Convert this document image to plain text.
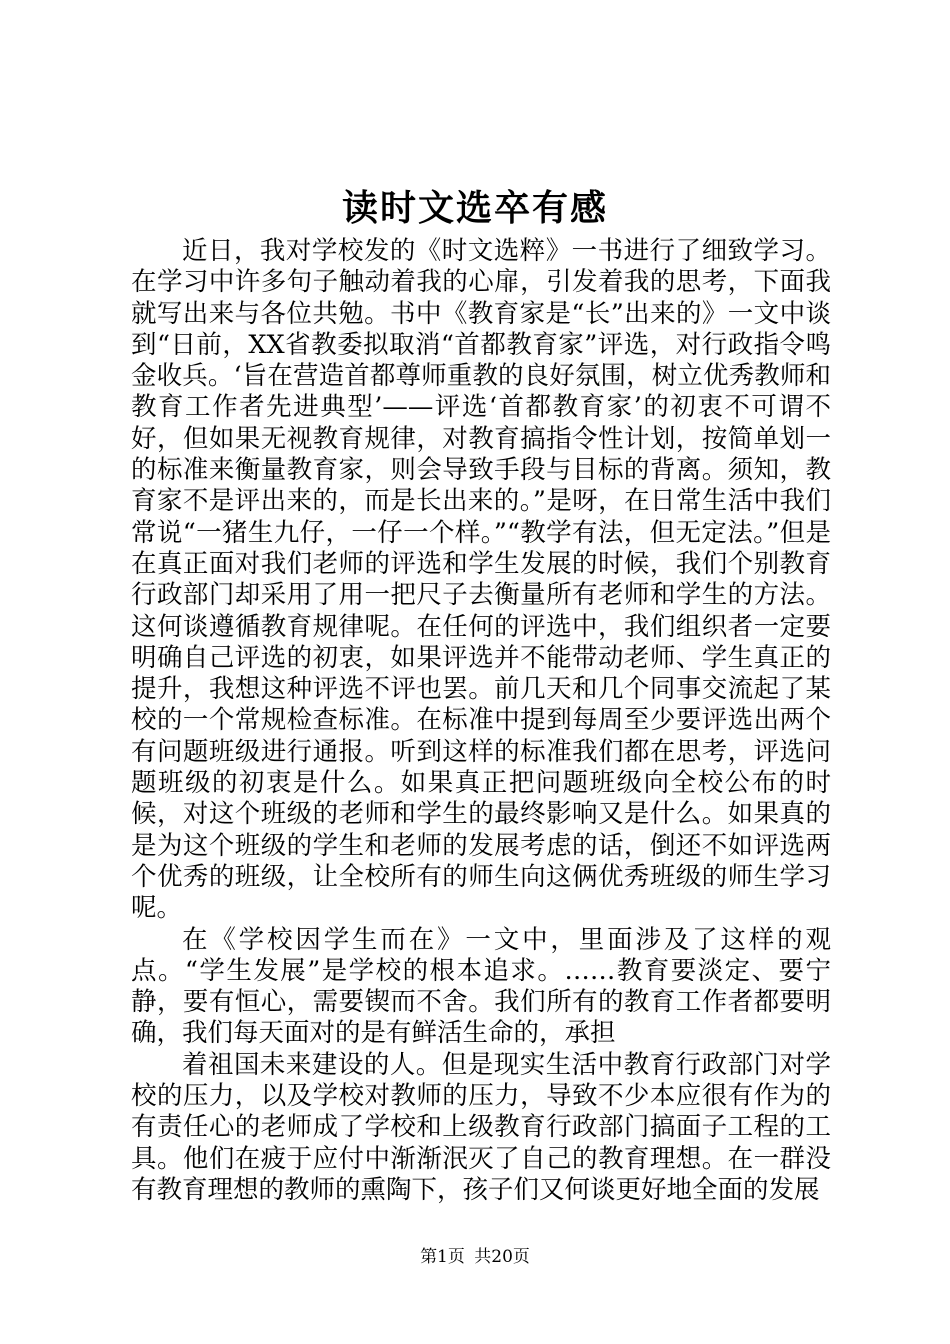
读时文选卒有感

近日，我对学校发的《时文选粹》一书进行了细致学习。在学习中许多句子触动着我的心扉，引发着我的思考，下面我就写出来与各位共勉。书中《教育家是“长”出来的》一文中谈到“日前，XX省教委拟取消“首都教育家”评选，对行政指令鸣金收兵。‘旨在营造首都尊师重教的良好氛围，树立优秀教师和教育工作者先进典型’——评选‘首都教育家’的初衷不可谓不好，但如果无视教育规律，对教育搞指令性计划，按简单划一的标准来衡量教育家，则会导致手段与目标的背离。须知，教育家不是评出来的，而是长出来的。”是呀，在日常生活中我们常说“一猪生九仔，一仔一个样。”“教学有法，但无定法。”但是在真正面对我们老师的评选和学生发展的时候，我们个别教育行政部门却采用了用一把尺子去衡量所有老师和学生的方法。这何谈遵循教育规律呢。在任何的评选中，我们组织者一定要明确自己评选的初衷，如果评选并不能带动老师、学生真正的提升，我想这种评选不评也罢。前几天和几个同事交流起了某校的一个常规检查标准。在标准中提到每周至少要评选出两个有问题班级进行通报。听到这样的标准我们都在思考，评选问题班级的初衷是什么。如果真正把问题班级向全校公布的时候，对这个班级的老师和学生的最终影响又是什么。如果真的是为这个班级的学生和老师的发展考虑的话，倒还不如评选两个优秀的班级，让全校所有的师生向这俩优秀班级的师生学习呢。

在《学校因学生而在》一文中，里面涉及了这样的观点。“学生发展”是学校的根本追求。……教育要淡定、要宁静，要有恒心，需要锲而不舍。我们所有的教育工作者都要明确，我们每天面对的是有鲜活生命的，承担

着祖国未来建设的人。但是现实生活中教育行政部门对学校的压力，以及学校对教师的压力，导致不少本应很有作为的有责任心的老师成了学校和上级教育行政部门搞面子工程的工具。他们在疲于应付中渐渐泯灭了自己的教育理想。在一群没有教育理想的教师的熏陶下，孩子们又何谈更好地全面的发展

第1页 共20页
